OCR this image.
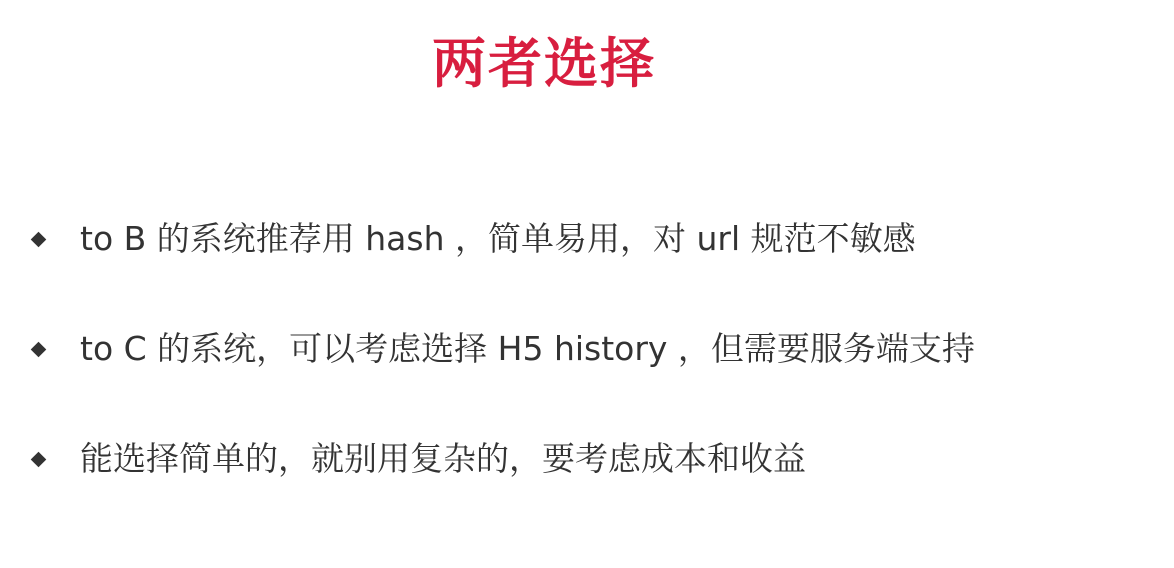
两者选择
to B 的系统推荐用 hash ，简单易用，对 url 规范不敏感
to C 的系统，可以考虑选择 H5 history ，但需要服务端支持
能选择简单的，就别用复杂的，要考虑成本和收益
